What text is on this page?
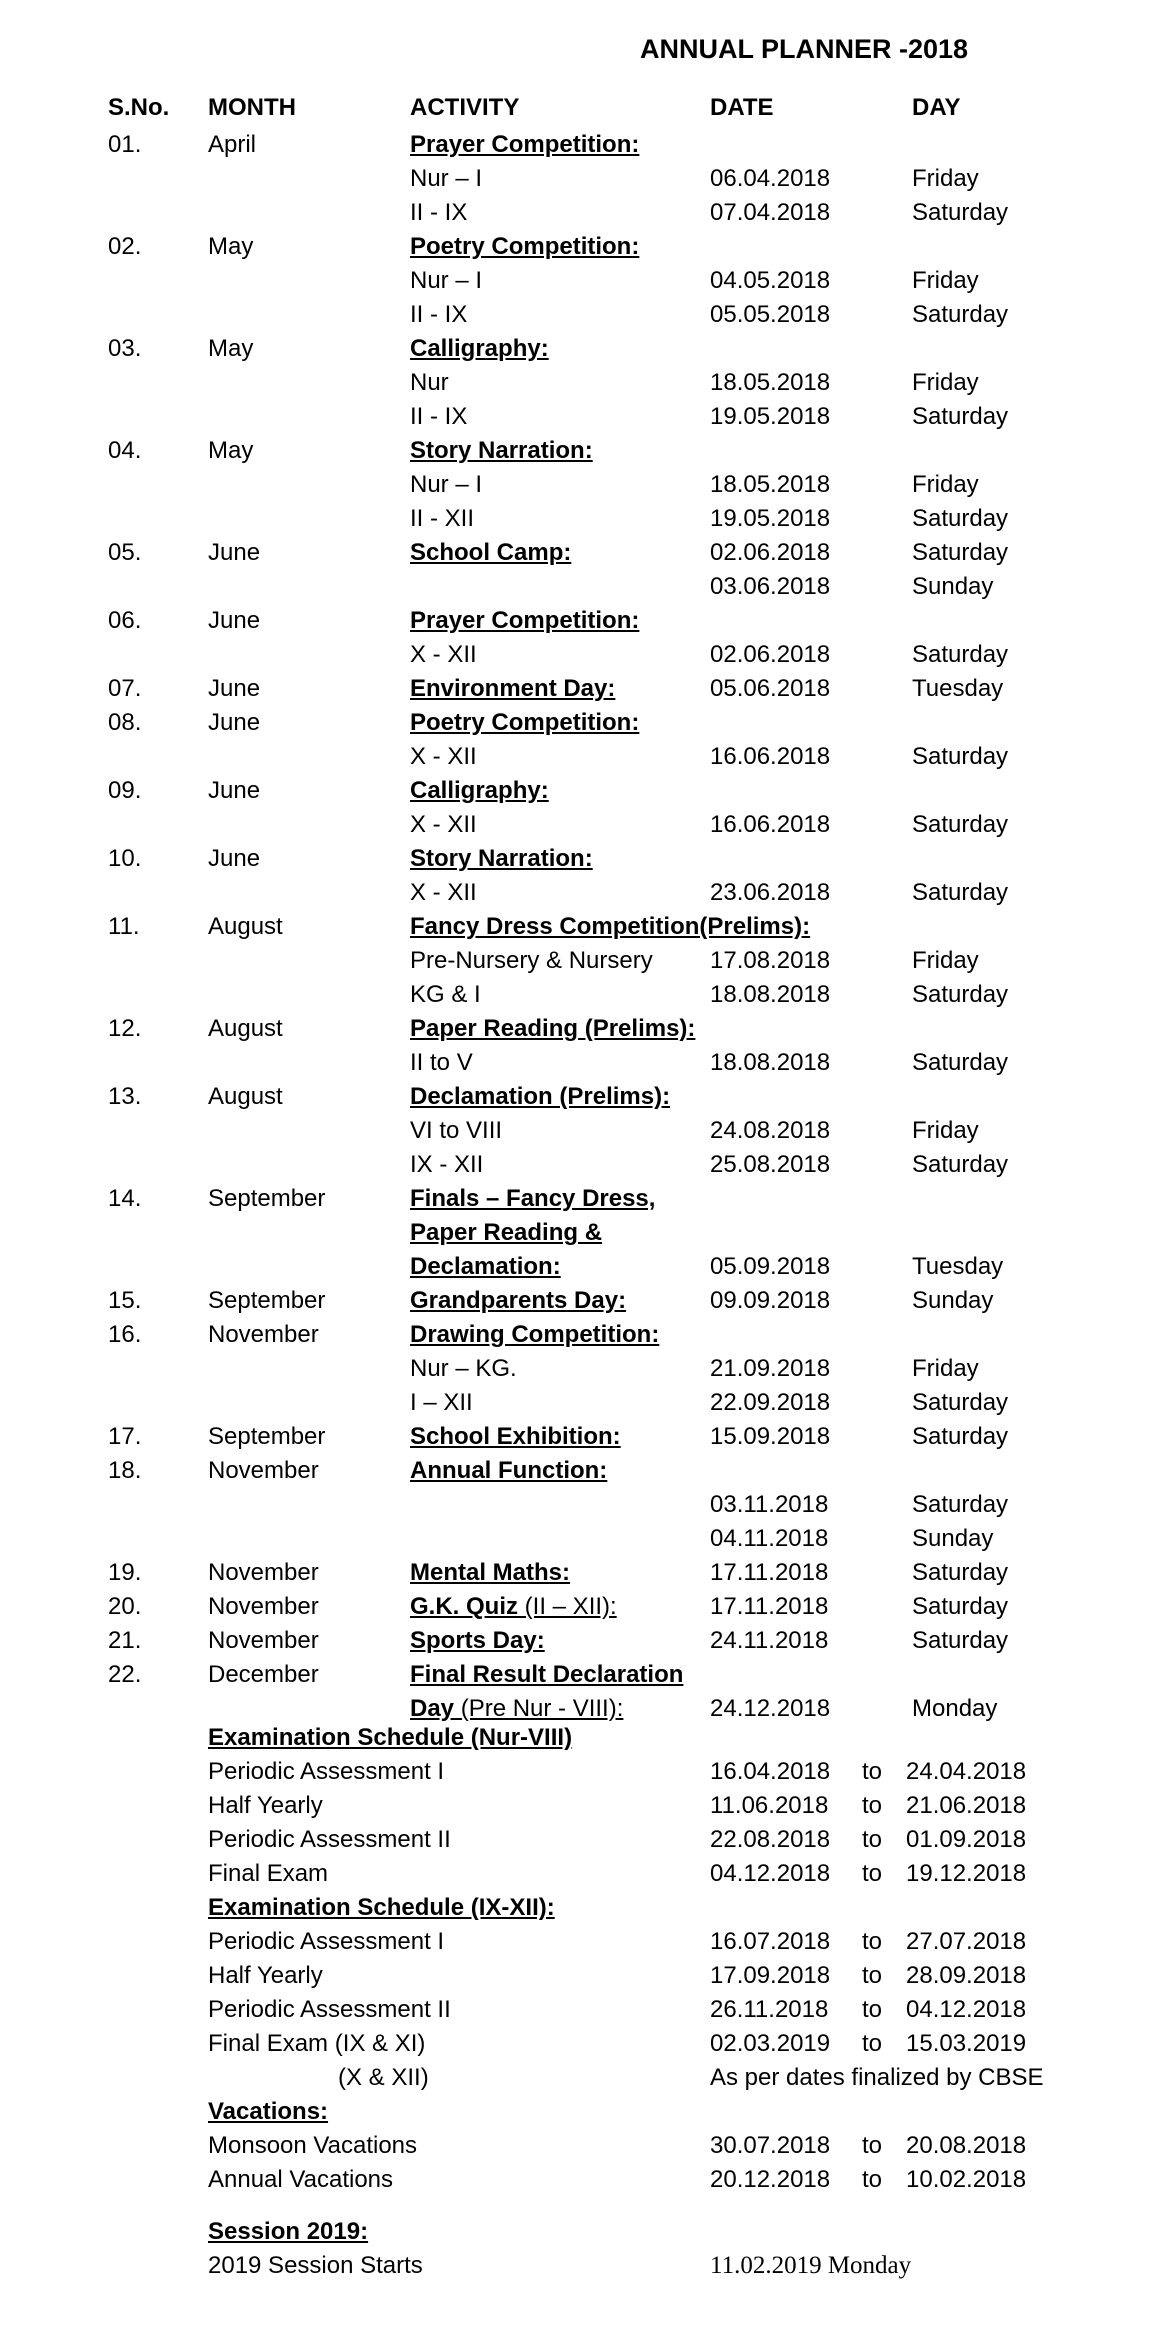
ANNUAL PLANNER -2018
S.No. MONTH	ACTIVITY	DATE	DAY
01.	April	Prayer Competition:
Nur – I	06.04.2018	Friday
II - IX	07.04.2018	Saturday
02.	May	Poetry Competition:
Nur – I	04.05.2018	Friday
II - IX	05.05.2018	Saturday
03.	May	Calligraphy:
Nur	18.05.2018	Friday
II - IX	19.05.2018	Saturday
04.	May	Story Narration:
Nur – I	18.05.2018	Friday
II - XII	19.05.2018	Saturday
05.	June	School Camp:	02.06.2018	Saturday
03.06.2018	Sunday
06.	June	Prayer Competition:
X - XII	02.06.2018	Saturday
07.	June	Environment Day:	05.06.2018	Tuesday
08.	June	Poetry Competition:
X - XII	16.06.2018	Saturday
09.	June	Calligraphy:
X - XII	16.06.2018	Saturday
10.	June	Story Narration:
X - XII	23.06.2018	Saturday
11.	August	Fancy Dress Competition(Prelims):
Pre-Nursery & Nursery 17.08.2018	Friday
KG & I	18.08.2018	Saturday
12.	August	Paper Reading (Prelims):
II to V	18.08.2018	Saturday
13.	August	Declamation (Prelims):
VI to VIII	24.08.2018	Friday
IX - XII	25.08.2018	Saturday
14.	September	Finals – Fancy Dress,
Paper Reading &
Declamation:	05.09.2018	Tuesday
15.	September	Grandparents Day:	09.09.2018	Sunday
16.	November	Drawing Competition:
Nur – KG.	21.09.2018	Friday
I – XII	22.09.2018	Saturday
17.	September	School Exhibition:	15.09.2018	Saturday
18.	November	Annual Function:
03.11.2018	Saturday
04.11.2018	Sunday
19.	November	Mental Maths:	17.11.2018	Saturday
20.	November	G.K. Quiz (II – XII):	17.11.2018	Saturday
21.	November	Sports Day:	24.11.2018	Saturday
22.	December	Final Result Declaration
Day (Pre Nur - VIII):	24.12.2018	Monday
Examination Schedule (Nur-VIII)
Periodic Assessment I	16.04.2018 to 24.04.2018
Half Yearly	11.06.2018 to 21.06.2018
Periodic Assessment II	22.08.2018 to 01.09.2018
Final Exam	04.12.2018 to 19.12.2018
Examination Schedule (IX-XII):
Periodic Assessment I	16.07.2018 to 27.07.2018
Half Yearly	17.09.2018 to 28.09.2018
Periodic Assessment II	26.11.2018 to 04.12.2018
Final Exam (IX & XI)	02.03.2019 to 15.03.2019
(X & XII)	As per dates finalized by CBSE
Vacations:
Monsoon Vacations	30.07.2018 to 20.08.2018
Annual Vacations	20.12.2018 to 10.02.2018
Session 2019:
2019 Session Starts	11.02.2019 Monday
